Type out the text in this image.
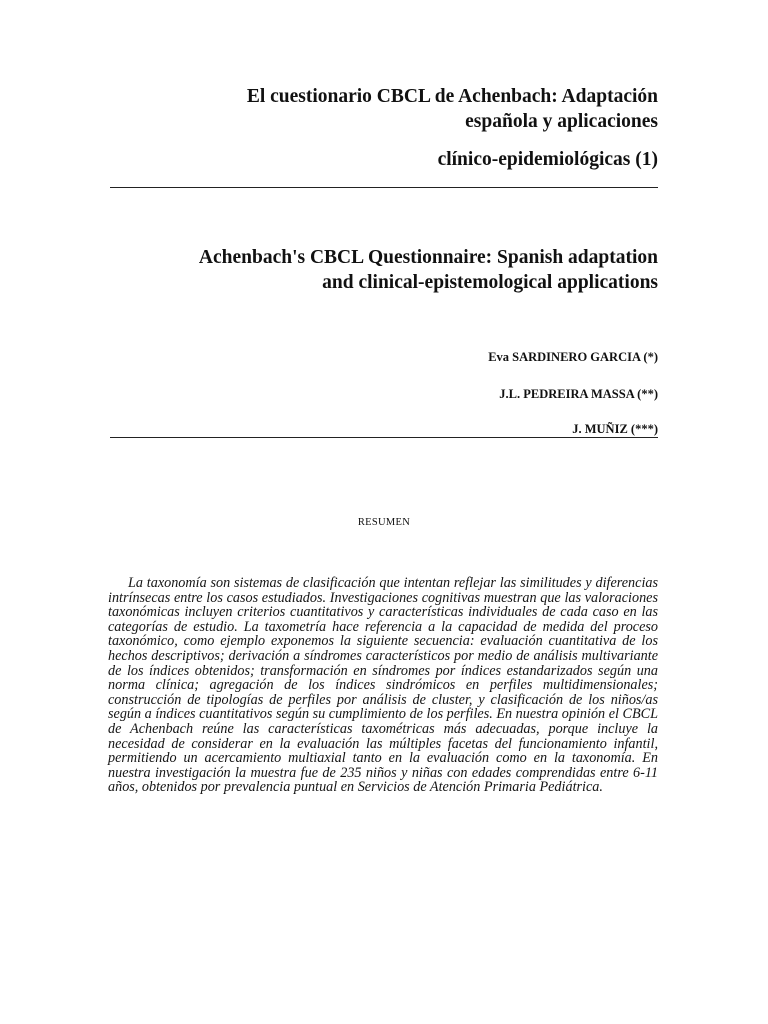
El cuestionario CBCL de Achenbach: Adaptación
española y aplicaciones
clínico-epidemiológicas (1)
Achenbach's CBCL Questionnaire: Spanish adaptation
and clinical-epistemological applications
Eva SARDINERO GARCIA (*)
J.L. PEDREIRA MASSA (**)
J. MUÑIZ (***)
RESUMEN

La taxonomía son sistemas de clasificación que intentan reflejar las similitudes y diferencias intrínsecas entre los casos estudiados. Investigaciones cognitivas muestran que las valoraciones taxonómicas incluyen criterios cuantitativos y características individuales de cada caso en las categorías de estudio. La taxometría hace referencia a la capacidad de medida del proceso taxonómico, como ejemplo exponemos la siguiente secuencia: evaluación cuantitativa de los hechos descriptivos; derivación a síndromes característicos por medio de análisis multivariante de los índices obtenidos; transformación en síndromes por índices estandarizados según una norma clínica; agregación de los índices sindrómicos en perfiles multidimensionales; construcción de tipologías de perfiles por análisis de cluster, y clasificación de los niños/as según a índices cuantitativos según su cumplimiento de los perfiles. En nuestra opinión el CBCL de Achenbach reúne las características taxométricas más adecuadas, porque incluye la necesidad de considerar en la evaluación las múltiples facetas del funcionamiento infantil, permitiendo un acercamiento multiaxial tanto en la evaluación como en la taxonomía. En nuestra investigación la muestra fue de 235 niños y niñas con edades comprendidas entre 6-11 años, obtenidos por prevalencia puntual en Servicios de Atención Primaria Pediátrica.
